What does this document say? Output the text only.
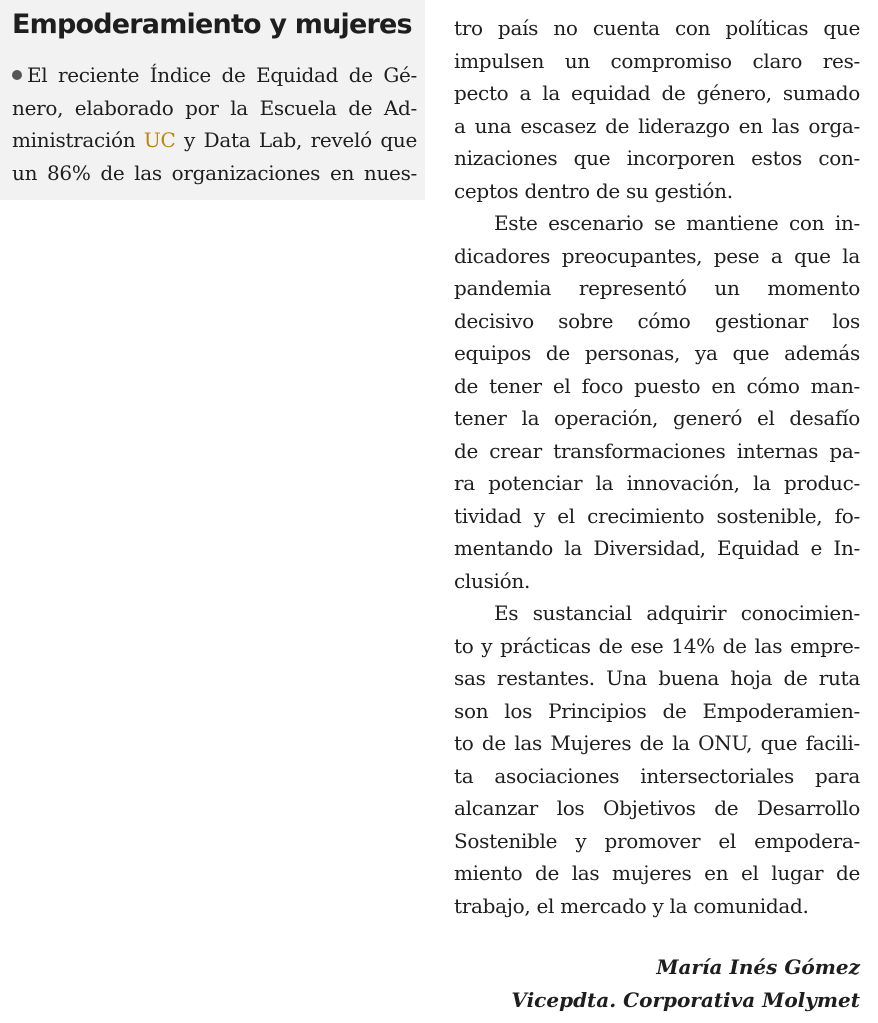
Empoderamiento y mujeres
El reciente Índice de Equidad de Gé-
nero, elaborado por la Escuela de Ad-
ministración UC y Data Lab, reveló que
un 86% de las organizaciones en nues-
tro país no cuenta con políticas que
impulsen un compromiso claro res-
pecto a la equidad de género, sumado
a una escasez de liderazgo en las orga-
nizaciones que incorporen estos con-
ceptos dentro de su gestión.
Este escenario se mantiene con in-
dicadores preocupantes, pese a que la
pandemia representó un momento
decisivo sobre cómo gestionar los
equipos de personas, ya que además
de tener el foco puesto en cómo man-
tener la operación, generó el desafío
de crear transformaciones internas pa-
ra potenciar la innovación, la produc-
tividad y el crecimiento sostenible, fo-
mentando la Diversidad, Equidad e In-
clusión.
Es sustancial adquirir conocimien-
to y prácticas de ese 14% de las empre-
sas restantes. Una buena hoja de ruta
son los Principios de Empoderamien-
to de las Mujeres de la ONU, que facili-
ta asociaciones intersectoriales para
alcanzar los Objetivos de Desarrollo
Sostenible y promover el empodera-
miento de las mujeres en el lugar de
trabajo, el mercado y la comunidad.

María Inés Gómez

Vicepdta. Corporativa Molymet
